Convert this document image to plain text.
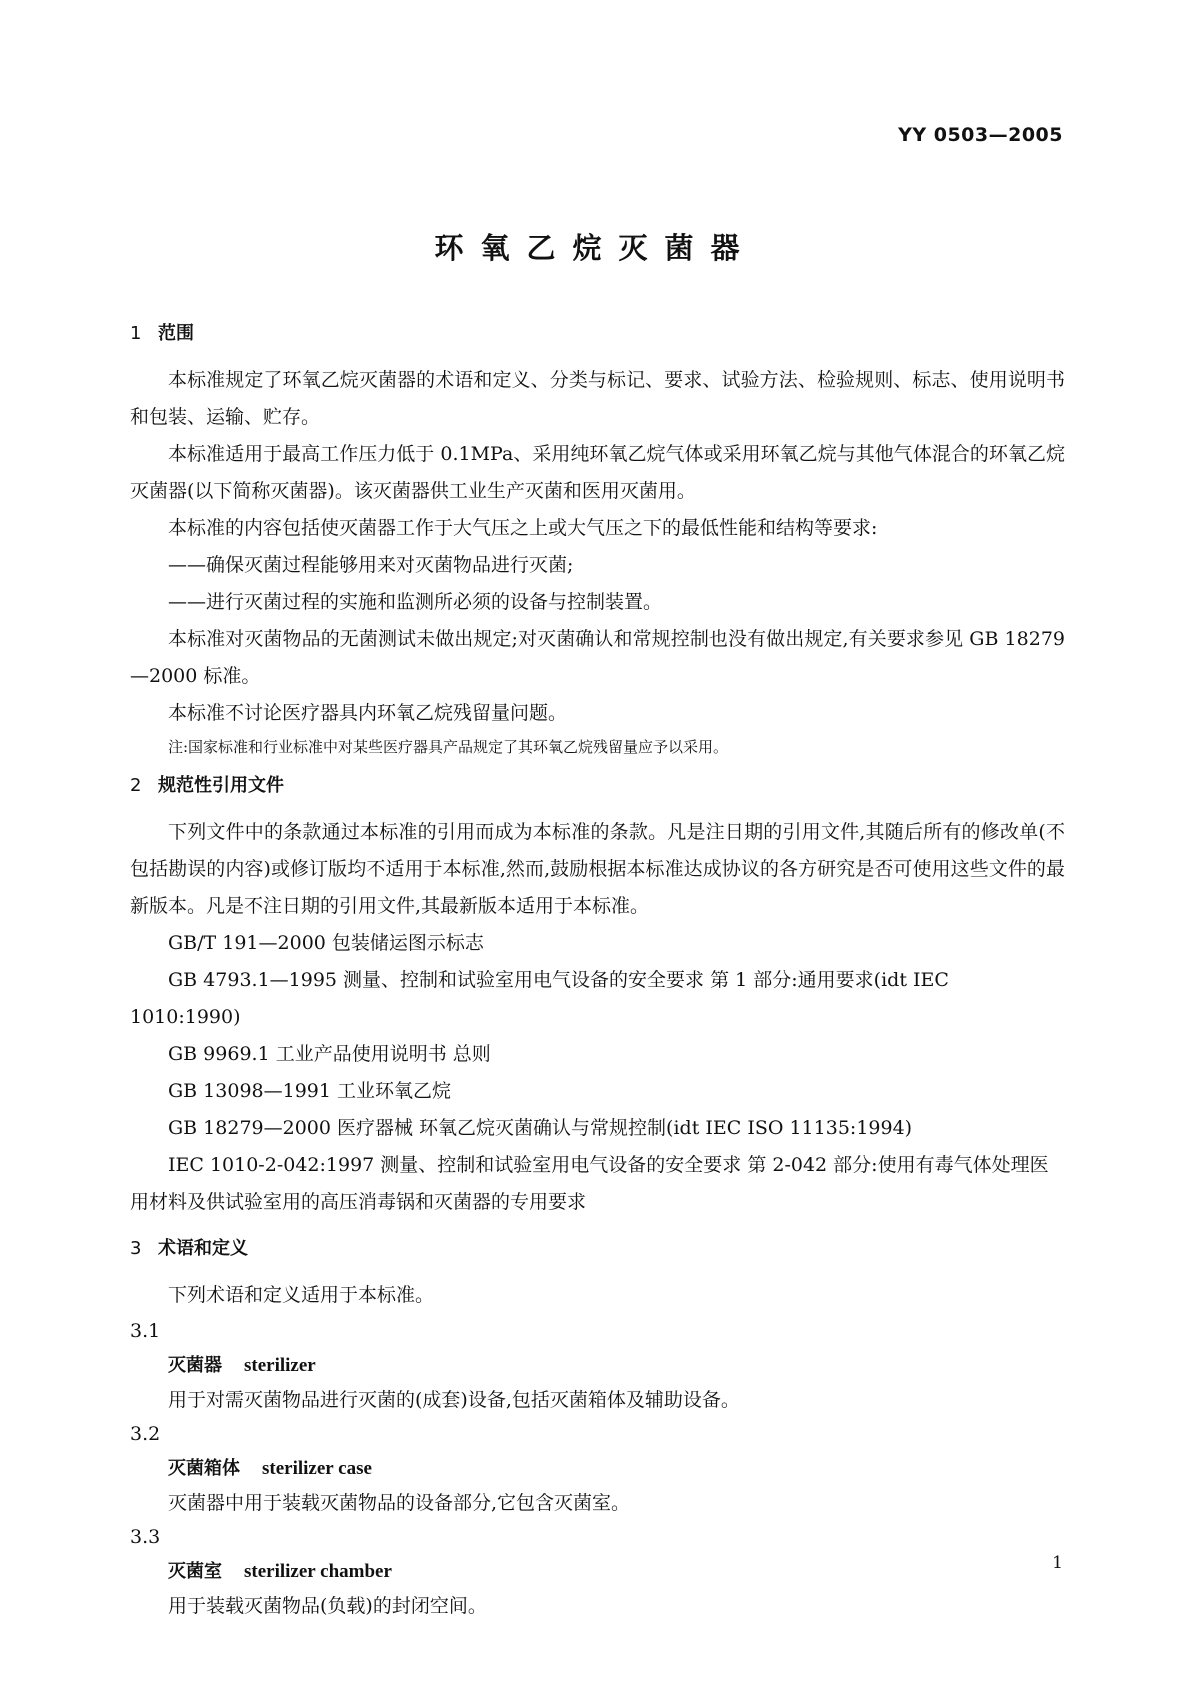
YY 0503—2005
环氧乙烷灭菌器
1 范围

本标准规定了环氧乙烷灭菌器的术语和定义、分类与标记、要求、试验方法、检验规则、标志、使用说明书和包装、运输、贮存。

本标准适用于最高工作压力低于 0.1MPa、采用纯环氧乙烷气体或采用环氧乙烷与其他气体混合的环氧乙烷灭菌器(以下简称灭菌器)。该灭菌器供工业生产灭菌和医用灭菌用。

本标准的内容包括使灭菌器工作于大气压之上或大气压之下的最低性能和结构等要求:

——确保灭菌过程能够用来对灭菌物品进行灭菌;

——进行灭菌过程的实施和监测所必须的设备与控制装置。

本标准对灭菌物品的无菌测试未做出规定;对灭菌确认和常规控制也没有做出规定,有关要求参见 GB 18279—2000 标准。

本标准不讨论医疗器具内环氧乙烷残留量问题。

注:国家标准和行业标准中对某些医疗器具产品规定了其环氧乙烷残留量应予以采用。

2 规范性引用文件

下列文件中的条款通过本标准的引用而成为本标准的条款。凡是注日期的引用文件,其随后所有的修改单(不包括勘误的内容)或修订版均不适用于本标准,然而,鼓励根据本标准达成协议的各方研究是否可使用这些文件的最新版本。凡是不注日期的引用文件,其最新版本适用于本标准。

GB/T 191—2000 包装储运图示标志

GB 4793.1—1995 测量、控制和试验室用电气设备的安全要求 第 1 部分:通用要求(idt IEC 1010:1990)

GB 9969.1 工业产品使用说明书 总则

GB 13098—1991 工业环氧乙烷

GB 18279—2000 医疗器械 环氧乙烷灭菌确认与常规控制(idt IEC ISO 11135:1994)

IEC 1010-2-042:1997 测量、控制和试验室用电气设备的安全要求 第 2-042 部分:使用有毒气体处理医用材料及供试验室用的高压消毒锅和灭菌器的专用要求

3 术语和定义

下列术语和定义适用于本标准。

3.1

灭菌器 sterilizer

用于对需灭菌物品进行灭菌的(成套)设备,包括灭菌箱体及辅助设备。

3.2

灭菌箱体 sterilizer case

灭菌器中用于装载灭菌物品的设备部分,它包含灭菌室。

3.3

灭菌室 sterilizer chamber

用于装载灭菌物品(负载)的封闭空间。

1
